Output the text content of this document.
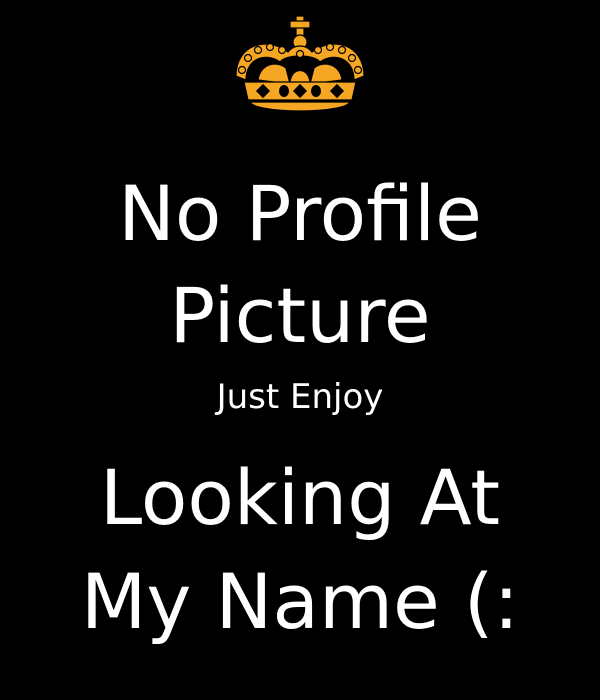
No Profile
Picture
Just Enjoy
Looking At
My Name (:
